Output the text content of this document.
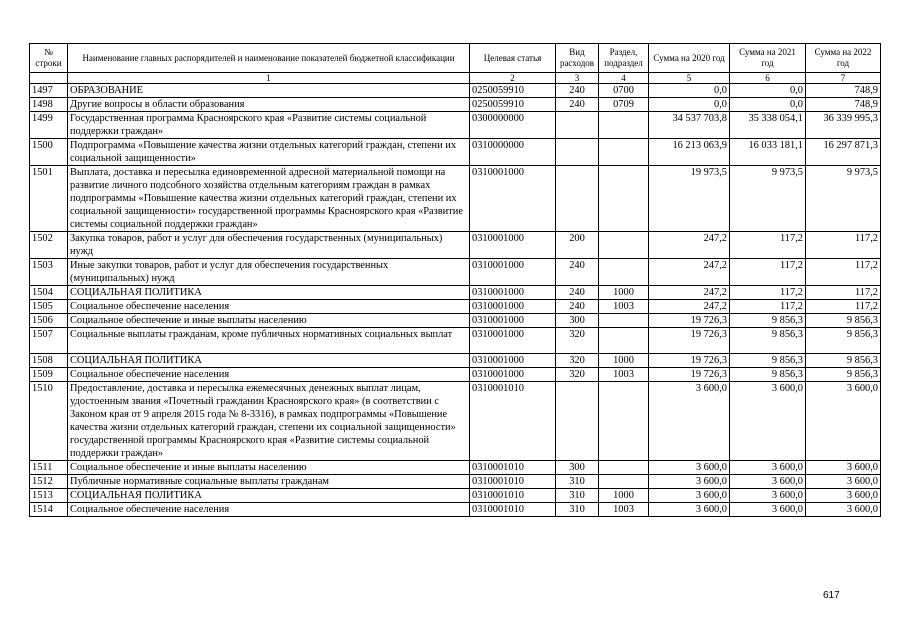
№ строки	Наименование главных распорядителей и наименование показателей бюджетной классификации	Целевая статья	Вид расходов	Раздел, подраздел	Сумма на 2020 год	Сумма на 2021 год	Сумма на 2022 год
	1	2	3	4	5	6	7
1497	ОБРАЗОВАНИЕ	0250059910	240	0700	0,0	0,0	748,9
1498	Другие вопросы в области образования	0250059910	240	0709	0,0	0,0	748,9
1499	Государственная программа Красноярского края «Развитие системы социальной поддержки граждан»	0300000000			34 537 703,8	35 338 054,1	36 339 995,3
1500	Подпрограмма «Повышение качества жизни отдельных категорий граждан, степени их социальной защищенности»	0310000000			16 213 063,9	16 033 181,1	16 297 871,3
1501	Выплата, доставка и пересылка единовременной адресной материальной помощи на развитие личного подсобного хозяйства отдельным категориям граждан в рамках подпрограммы «Повышение качества жизни отдельных категорий граждан, степени их социальной защищенности» государственной программы Красноярского края «Развитие системы социальной поддержки граждан»	0310001000			19 973,5	9 973,5	9 973,5
1502	Закупка товаров, работ и услуг для обеспечения государственных (муниципальных) нужд	0310001000	200		247,2	117,2	117,2
1503	Иные закупки товаров, работ и услуг для обеспечения государственных (муниципальных) нужд	0310001000	240		247,2	117,2	117,2
1504	СОЦИАЛЬНАЯ ПОЛИТИКА	0310001000	240	1000	247,2	117,2	117,2
1505	Социальное обеспечение населения	0310001000	240	1003	247,2	117,2	117,2
1506	Социальное обеспечение и иные выплаты населению	0310001000	300		19 726,3	9 856,3	9 856,3
1507	Социальные выплаты гражданам, кроме публичных нормативных социальных выплат	0310001000	320		19 726,3	9 856,3	9 856,3
1508	СОЦИАЛЬНАЯ ПОЛИТИКА	0310001000	320	1000	19 726,3	9 856,3	9 856,3
1509	Социальное обеспечение населения	0310001000	320	1003	19 726,3	9 856,3	9 856,3
1510	Предоставление, доставка и пересылка ежемесячных денежных выплат лицам, удостоенным звания «Почетный гражданин Красноярского края» (в соответствии с Законом края от 9 апреля 2015 года № 8-3316), в рамках подпрограммы «Повышение качества жизни отдельных категорий граждан, степени их социальной защищенности» государственной программы Красноярского края «Развитие системы социальной поддержки граждан»	0310001010			3 600,0	3 600,0	3 600,0
1511	Социальное обеспечение и иные выплаты населению	0310001010	300		3 600,0	3 600,0	3 600,0
1512	Публичные нормативные социальные выплаты гражданам	0310001010	310		3 600,0	3 600,0	3 600,0
1513	СОЦИАЛЬНАЯ ПОЛИТИКА	0310001010	310	1000	3 600,0	3 600,0	3 600,0
1514	Социальное обеспечение населения	0310001010	310	1003	3 600,0	3 600,0	3 600,0
617
